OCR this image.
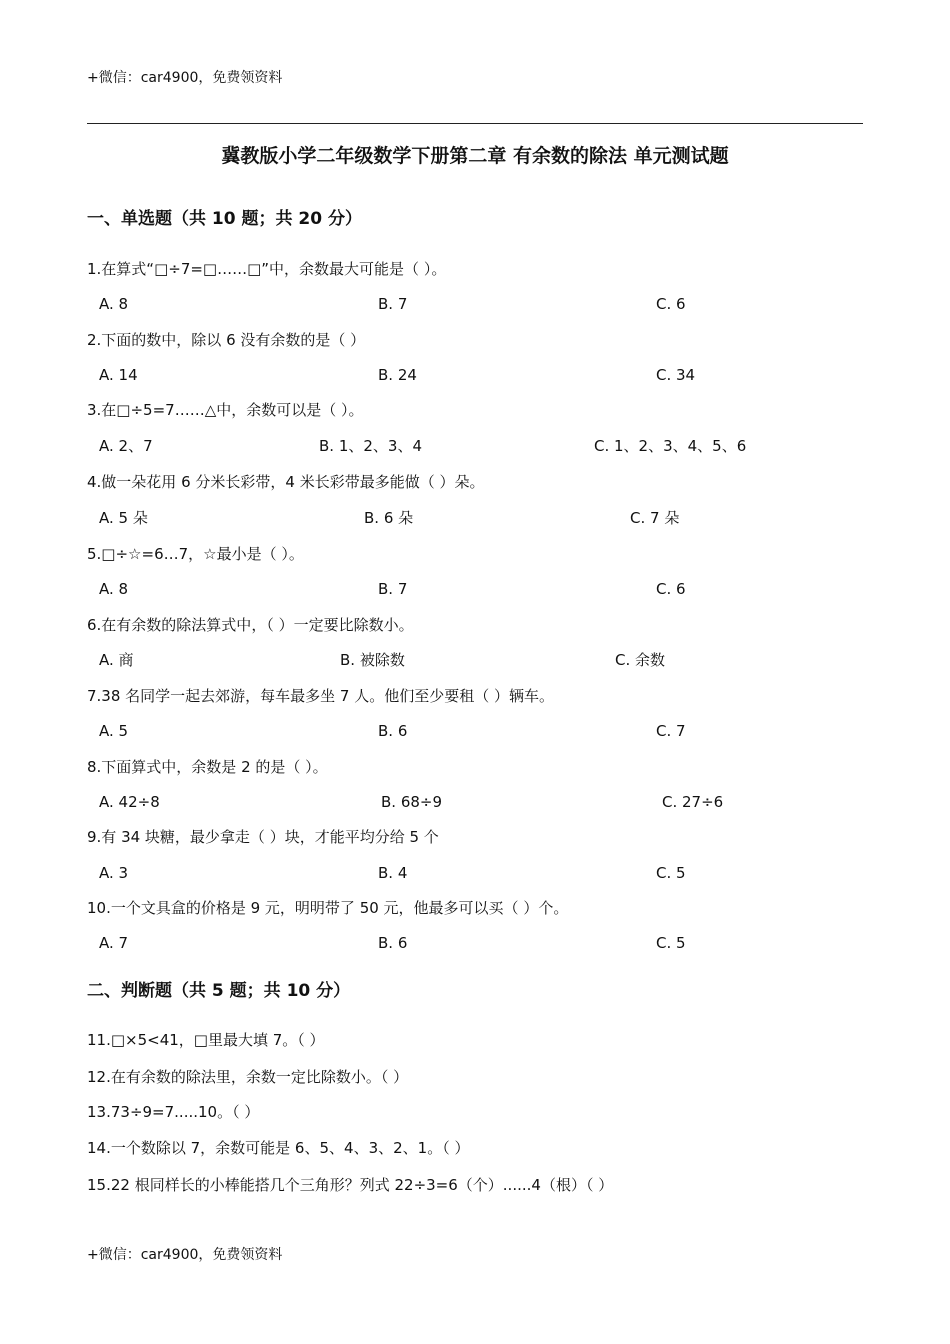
+微信：car4900，免费领资料
冀教版小学二年级数学下册第二章 有余数的除法 单元测试题
一、单选题（共 10 题；共 20 分）
1.在算式“□÷7=□……□”中，余数最大可能是（ ）。
A. 8	B. 7	C. 6
2.下面的数中，除以 6 没有余数的是（ ）
A. 14	B. 24	C. 34
3.在□÷5=7……△中，余数可以是（ ）。
A. 2、7	B. 1、2、3、4	C. 1、2、3、4、5、6
4.做一朵花用 6 分米长彩带，4 米长彩带最多能做（ ）朵。
A. 5 朵	B. 6 朵	C. 7 朵
5.□÷☆=6…7，☆最小是（ ）。
A. 8	B. 7	C. 6
6.在有余数的除法算式中，（ ）一定要比除数小。
A. 商	B. 被除数	C. 余数
7.38 名同学一起去郊游，每车最多坐 7 人。他们至少要租（ ）辆车。
A. 5	B. 6	C. 7
8.下面算式中，余数是 2 的是（ ）。
A. 42÷8	B. 68÷9	C. 27÷6
9.有 34 块糖，最少拿走（ ）块，才能平均分给 5 个
A. 3	B. 4	C. 5
10.一个文具盒的价格是 9 元，明明带了 50 元，他最多可以买（ ）个。
A. 7	B. 6	C. 5
二、判断题（共 5 题；共 10 分）
11.□×5<41，□里最大填 7。（ ）
12.在有余数的除法里，余数一定比除数小。（ ）
13.73÷9=7.....10。（ ）
14.一个数除以 7，余数可能是 6、5、4、3、2、1。（ ）
15.22 根同样长的小棒能搭几个三角形？列式 22÷3=6（个）......4（根）（ ）
+微信：car4900，免费领资料
